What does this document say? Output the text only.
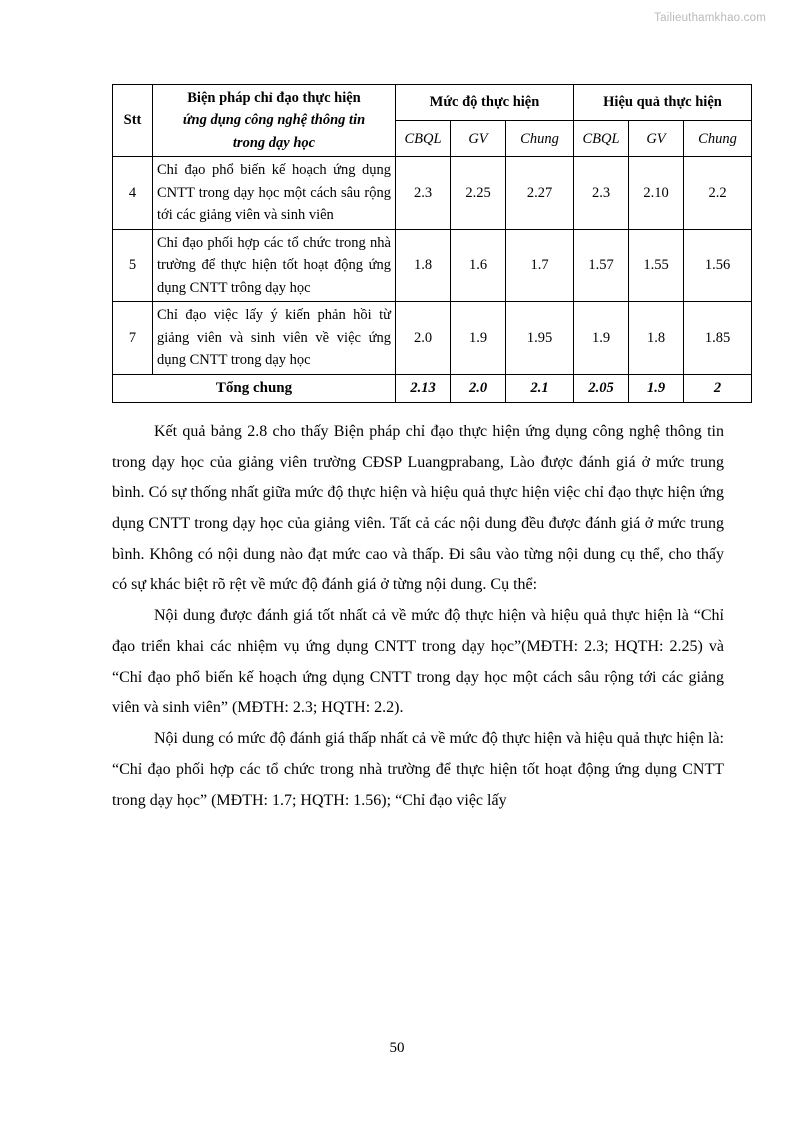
Tailieuthamkhao.com
Stt	Biện pháp chỉ đạo thực hiện
ứng dụng công nghệ thông tin
trong dạy học	Mức độ thực hiện			Hiệu quả thực hiện		
		CBQL	GV	Chung	CBQL	GV	Chung
4	Chỉ đạo phổ biến kế hoạch ứng dụng CNTT trong dạy học một cách sâu rộng tới các giảng viên và sinh viên	2.3	2.25	2.27	2.3	2.10	2.2
5	Chỉ đạo phối hợp các tổ chức trong nhà trường để thực hiện tốt hoạt động ứng dụng CNTT trông dạy học	1.8	1.6	1.7	1.57	1.55	1.56
7	Chỉ đạo việc lấy ý kiến phản hồi từ giảng viên và sinh viên về việc ứng dụng CNTT trong dạy học	2.0	1.9	1.95	1.9	1.8	1.85
Tổng chung		2.13	2.0	2.1	2.05	1.9	2

Kết quả bảng 2.8 cho thấy Biện pháp chỉ đạo thực hiện ứng dụng công nghệ thông tin trong dạy học của giảng viên trường CĐSP Luangprabang, Lào được đánh giá ở mức trung bình. Có sự thống nhất giữa mức độ thực hiện và hiệu quả thực hiện việc chỉ đạo thực hiện ứng dụng CNTT trong dạy học của giảng viên. Tất cả các nội dung đều được đánh giá ở mức trung bình. Không có nội dung nào đạt mức cao và thấp. Đi sâu vào từng nội dung cụ thể, cho thấy có sự khác biệt rõ rệt về mức độ đánh giá ở từng nội dung. Cụ thể:

Nội dung được đánh giá tốt nhất cả về mức độ thực hiện và hiệu quả thực hiện là “Chỉ đạo triển khai các nhiệm vụ ứng dụng CNTT trong dạy học”(MĐTH: 2.3; HQTH: 2.25) và “Chỉ đạo phổ biến kế hoạch ứng dụng CNTT trong dạy học một cách sâu rộng tới các giảng viên và sinh viên” (MĐTH: 2.3; HQTH: 2.2).

Nội dung có mức độ đánh giá thấp nhất cả về mức độ thực hiện và hiệu quả thực hiện là: “Chỉ đạo phối hợp các tổ chức trong nhà trường để thực hiện tốt hoạt động ứng dụng CNTT trong dạy học” (MĐTH: 1.7; HQTH: 1.56); “Chỉ đạo việc lấy

50
